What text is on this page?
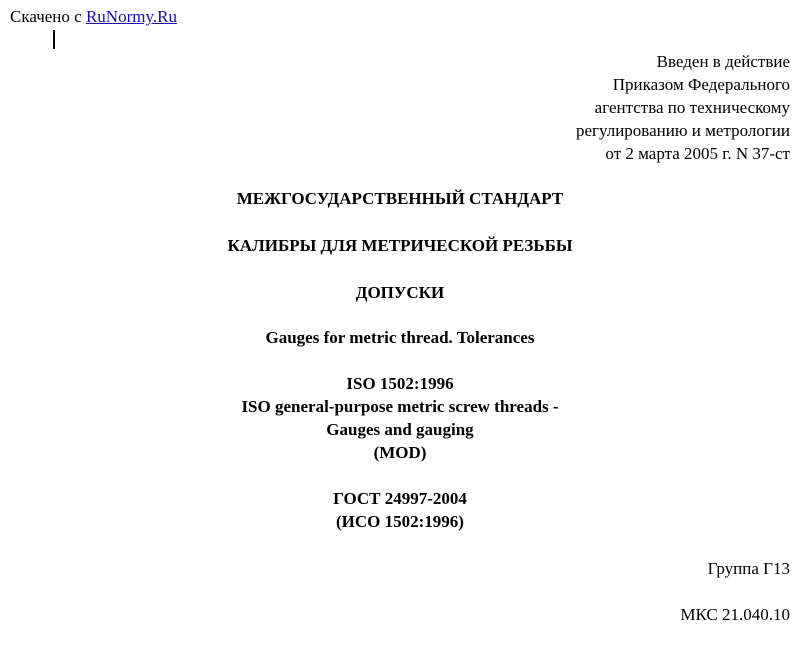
Скачено с RuNormy.Ru
Введен в действие
Приказом Федерального
агентства по техническому
регулированию и метрологии
от 2 марта 2005 г. N 37-ст
МЕЖГОСУДАРСТВЕННЫЙ СТАНДАРТ
КАЛИБРЫ ДЛЯ МЕТРИЧЕСКОЙ РЕЗЬБЫ
ДОПУСКИ
Gauges for metric thread. Tolerances
ISO 1502:1996
ISO general-purpose metric screw threads -
Gauges and gauging
(MOD)
ГОСТ 24997-2004
(ИСО 1502:1996)
Группа Г13
МКС 21.040.10
